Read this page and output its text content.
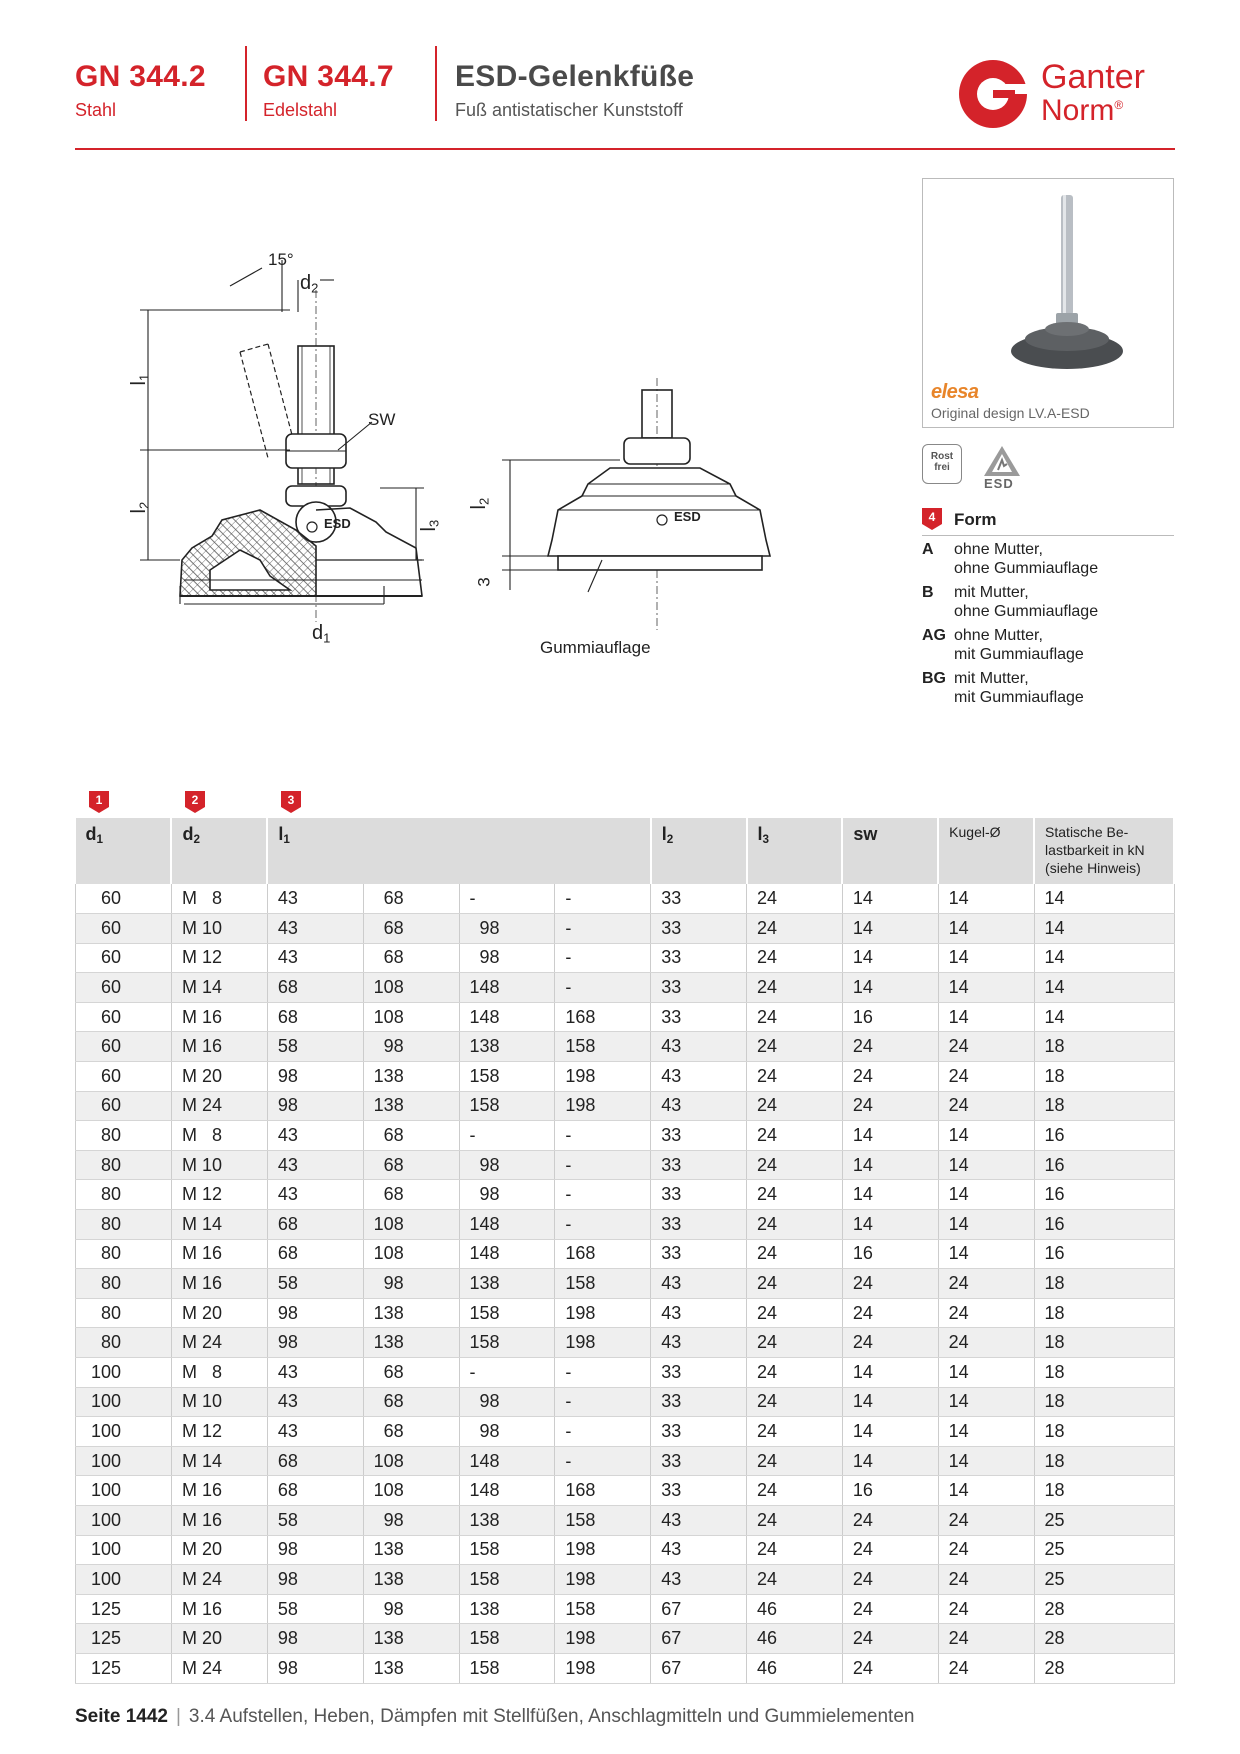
GN 344.2
Stahl
GN 344.7
Edelstahl
ESD-Gelenkfüße
Fuß antistatischer Kunststoff
Ganter
Norm®
15°
$d_2$
$l_1$
$l_2$
$l_3$
$d_1$
SW
ESD	ESD
$l_2$
Gummiauflage
3
elesa
Original design LV.A-ESD
Rost
frei
ESD
4	Form
A ohne Mutter,
ohne Gummiauflage
B mit Mutter,
ohne Gummiauflage
AG ohne Mutter,
mit Gummiauflage
BG mit Mutter,
mit Gummiauflage
1	2	3
$d_1$	$d_2$	$l_1$				$l_2$	$l_3$	sw	Kugel-Ø	Statische Be-
lastbarkeit in kN
(siehe Hinweis)
60	M   8	43	68	-	-	33	24	14	14	14
60	M 10	43	68	98	-	33	24	14	14	14
60	M 12	43	68	98	-	33	24	14	14	14
60	M 14	68	108	148	-	33	24	14	14	14
60	M 16	68	108	148	168	33	24	16	14	14
60	M 16	58	98	138	158	43	24	24	24	18
60	M 20	98	138	158	198	43	24	24	24	18
60	M 24	98	138	158	198	43	24	24	24	18
80	M   8	43	68	-	-	33	24	14	14	16
80	M 10	43	68	98	-	33	24	14	14	16
80	M 12	43	68	98	-	33	24	14	14	16
80	M 14	68	108	148	-	33	24	14	14	16
80	M 16	68	108	148	168	33	24	16	14	16
80	M 16	58	98	138	158	43	24	24	24	18
80	M 20	98	138	158	198	43	24	24	24	18
80	M 24	98	138	158	198	43	24	24	24	18
100	M   8	43	68	-	-	33	24	14	14	18
100	M 10	43	68	98	-	33	24	14	14	18
100	M 12	43	68	98	-	33	24	14	14	18
100	M 14	68	108	148	-	33	24	14	14	18
100	M 16	68	108	148	168	33	24	16	14	18
100	M 16	58	98	138	158	43	24	24	24	25
100	M 20	98	138	158	198	43	24	24	24	25
100	M 24	98	138	158	198	43	24	24	24	25
125	M 16	58	98	138	158	67	46	24	24	28
125	M 20	98	138	158	198	67	46	24	24	28
125	M 24	98	138	158	198	67	46	24	24	28
Seite 1442 | 3.4 Aufstellen, Heben, Dämpfen mit Stellfüßen, Anschlagmitteln und Gummielementen
